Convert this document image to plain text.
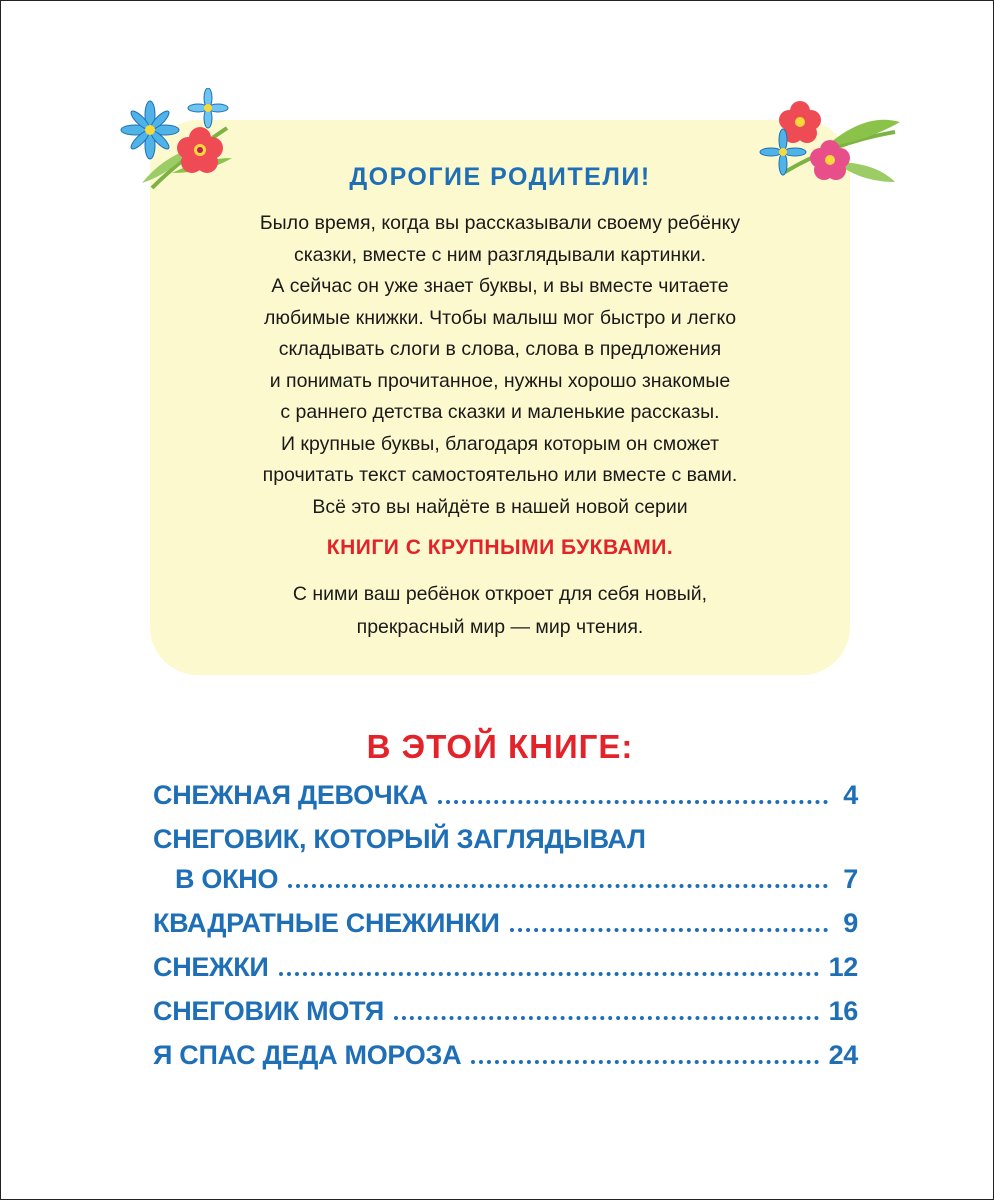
ДОРОГИЕ РОДИТЕЛИ!
Было время, когда вы рассказывали своему ребёнку
сказки, вместе с ним разглядывали картинки.
А сейчас он уже знает буквы, и вы вместе читаете
любимые книжки. Чтобы малыш мог быстро и легко
складывать слоги в слова, слова в предложения
и понимать прочитанное, нужны хорошо знакомые
с раннего детства сказки и маленькие рассказы.
И крупные буквы, благодаря которым он сможет
прочитать текст самостоятельно или вместе с вами.
Всё это вы найдёте в нашей новой серии
КНИГИ С КРУПНЫМИ БУКВАМИ.
С ними ваш ребёнок откроет для себя новый,
прекрасный мир — мир чтения.
В ЭТОЙ КНИГЕ:
СНЕЖНАЯ ДЕВОЧКА	4
СНЕГОВИК, КОТОРЫЙ ЗАГЛЯДЫВАЛ
В ОКНО	7
КВАДРАТНЫЕ СНЕЖИНКИ	9
СНЕЖКИ	12
СНЕГОВИК МОТЯ	16
Я СПАС ДЕДА МОРОЗА	24
